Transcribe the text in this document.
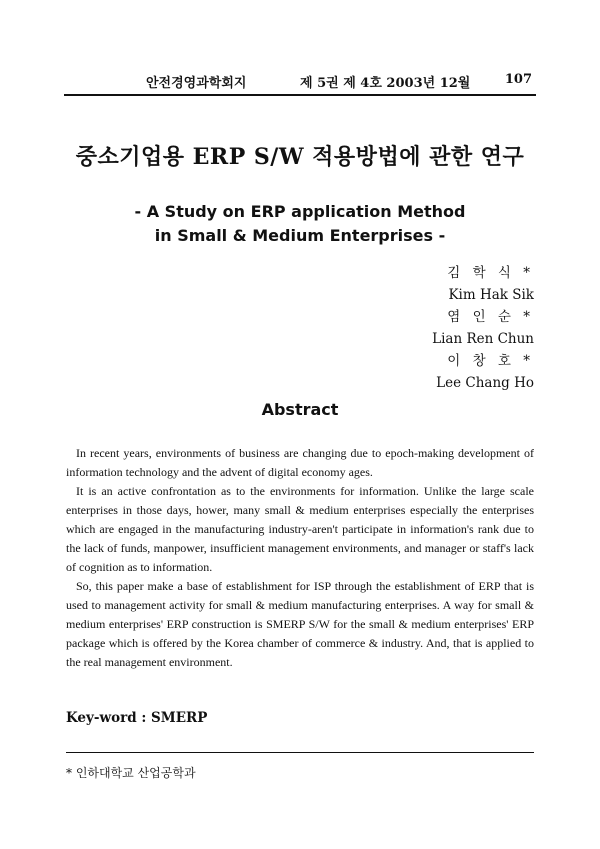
안전경영과학회지	제 5권 제 4호 2003년 12월	107
중소기업용 ERP S/W 적용방법에 관한 연구
- A Study on ERP application Method
in Small & Medium Enterprises -
김 학 식 *
Kim Hak Sik
염 인 순 *
Lian Ren Chun
이 창 호 *
Lee Chang Ho
Abstract

In recent years, environments of business are changing due to epoch-making development of information technology and the advent of digital economy ages.

It is an active confrontation as to the environments for information. Unlike the large scale enterprises in those days, hower, many small & medium enterprises especially the enterprises which are engaged in the manufacturing industry-aren't participate in information's rank due to the lack of funds, manpower, insufficient management environments, and manager or staff's lack of cognition as to information.

So, this paper make a base of establishment for ISP through the establishment of ERP that is used to management activity for small & medium manufacturing enterprises. A way for small & medium enterprises' ERP construction is SMERP S/W for the small & medium enterprises' ERP package which is offered by the Korea chamber of commerce & industry. And, that is applied to the real management environment.

Key-word : SMERP
* 인하대학교 산업공학과
